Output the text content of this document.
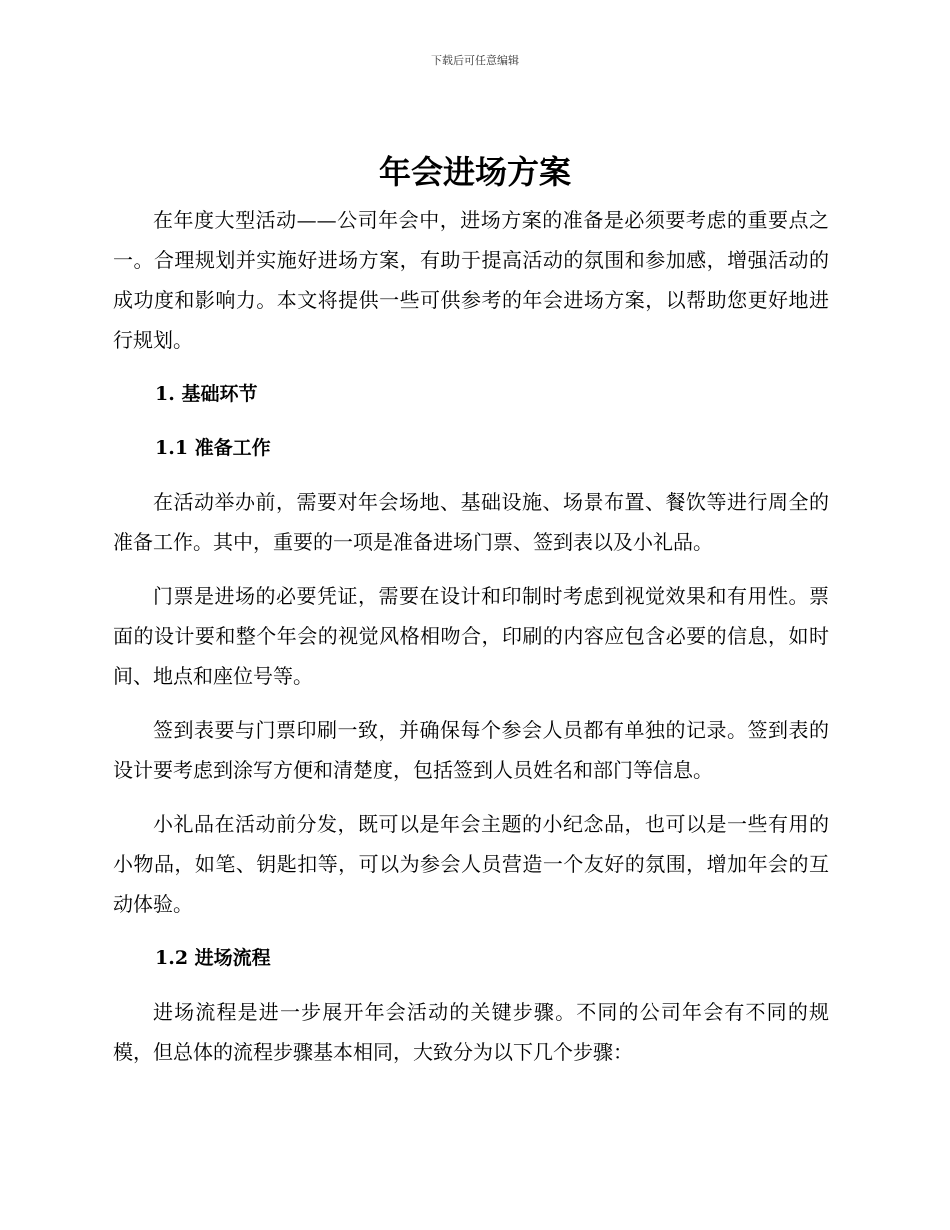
下载后可任意编辑
年会进场方案

在年度大型活动——公司年会中，进场方案的准备是必须要考虑的重要点之一。合理规划并实施好进场方案，有助于提高活动的氛围和参加感，增强活动的成功度和影响力。本文将提供一些可供参考的年会进场方案，以帮助您更好地进行规划。

1. 基础环节
1.1 准备工作

在活动举办前，需要对年会场地、基础设施、场景布置、餐饮等进行周全的准备工作。其中，重要的一项是准备进场门票、签到表以及小礼品。

门票是进场的必要凭证，需要在设计和印制时考虑到视觉效果和有用性。票面的设计要和整个年会的视觉风格相吻合，印刷的内容应包含必要的信息，如时间、地点和座位号等。

签到表要与门票印刷一致，并确保每个参会人员都有单独的记录。签到表的设计要考虑到涂写方便和清楚度，包括签到人员姓名和部门等信息。

小礼品在活动前分发，既可以是年会主题的小纪念品，也可以是一些有用的小物品，如笔、钥匙扣等，可以为参会人员营造一个友好的氛围，增加年会的互动体验。

1.2 进场流程

进场流程是进一步展开年会活动的关键步骤。不同的公司年会有不同的规模，但总体的流程步骤基本相同，大致分为以下几个步骤：
